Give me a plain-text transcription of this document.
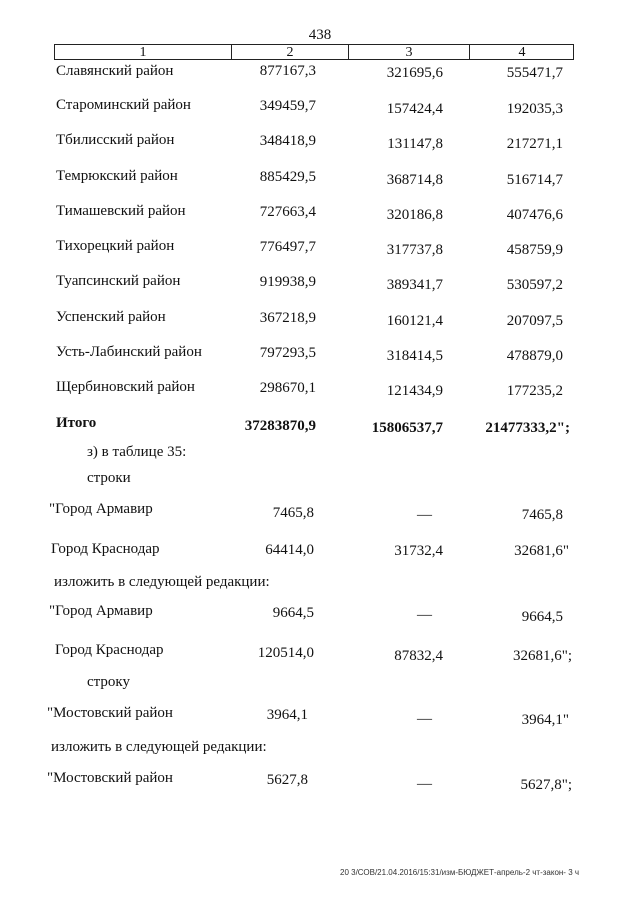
438
1	2	3	4
Славянский район	877167,3	321695,6	555471,7
Староминский район	349459,7	157424,4	192035,3
Тбилисский район	348418,9	131147,8	217271,1
Темрюкский район	885429,5	368714,8	516714,7
Тимашевский район	727663,4	320186,8	407476,6
Тихорецкий район	776497,7	317737,8	458759,9
Туапсинский район	919938,9	389341,7	530597,2
Успенский район	367218,9	160121,4	207097,5
Усть-Лабинский район	797293,5	318414,5	478879,0
Щербиновский район	298670,1	121434,9	177235,2
Итого	37283870,9	15806537,7	21477333,2";
з) в таблице 35:
строки
"Город Армавир	7465,8	—	7465,8
Город Краснодар	64414,0	31732,4	32681,6"
изложить в следующей редакции:
"Город Армавир	9664,5	—	9664,5
Город Краснодар	120514,0	87832,4	32681,6";
строку
"Мостовский район	3964,1	—	3964,1"
изложить в следующей редакции:
"Мостовский район	5627,8	—	5627,8";
20 3/СОВ/21.04.2016/15:31/изм-БЮДЖЕТ-апрель-2 чт-закон- 3 ч
